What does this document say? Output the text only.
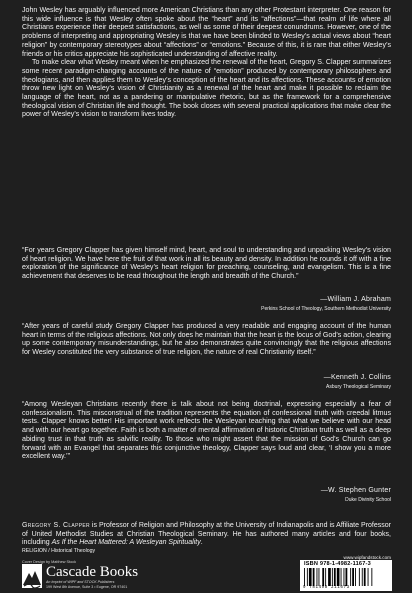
John Wesley has arguably influenced more American Christians than any other Protestant interpreter. One reason for this wide influence is that Wesley often spoke about the “heart” and its “affections”—that realm of life where all Christians experience their deepest satisfactions, as well as some of their deepest conundrums. However, one of the problems of interpreting and appropriating Wesley is that we have been blinded to Wesley’s actual views about “heart religion” by contemporary stereotypes about “affections” or “emotions.” Because of this, it is rare that either Wesley’s friends or his critics appreciate his sophisticated understanding of affective reality.

To make clear what Wesley meant when he emphasized the renewal of the heart, Gregory S. Clapper summarizes some recent paradigm-changing accounts of the nature of “emotion” produced by contemporary philosophers and theologians, and then applies them to Wesley’s conception of the heart and its affections. These accounts of emotion throw new light on Wesley’s vision of Christianity as a renewal of the heart and make it possible to reclaim the language of the heart, not as a pandering or manipulative rhetoric, but as the framework for a comprehensive theological vision of Christian life and thought. The book closes with several practical applications that make clear the power of Wesley’s vision to transform lives today.

“For years Gregory Clapper has given himself mind, heart, and soul to understanding and unpacking Wesley’s vision of heart religion. We have here the fruit of that work in all its beauty and density. In addition he rounds it off with a fine exploration of the significance of Wesley’s heart religion for preaching, counseling, and evangelism. This is a fine achievement that deserves to be read throughout the length and breadth of the Church.”
—William J. Abraham
Perkins School of Theology, Southern Methodist University
“After years of careful study Gregory Clapper has produced a very readable and engaging account of the human heart in terms of the religious affections. Not only does he maintain that the heart is the locus of God’s action, clearing up some contemporary misunderstandings, but he also demonstrates quite convincingly that the religious affections for Wesley constituted the very substance of true religion, the nature of real Christianity itself.”
—Kenneth J. Collins
Asbury Theological Seminary
“Among Wesleyan Christians recently there is talk about not being doctrinal, expressing especially a fear of confessionalism. This misconstrual of the tradition represents the equation of confessional truth with creedal litmus tests. Clapper knows better! His important work reflects the Wesleyan teaching that what we believe with our head and with our heart go together. Faith is both a matter of mental affirmation of historic Christian truth as well as a deep abiding trust in that truth as salvific reality. To those who might assert that the mission of God’s Church can go forward with an Evangel that separates this conjunctive theology, Clapper says loud and clear, ‘I show you a more excellent way.’”
—W. Stephen Gunter
Duke Divinity School
Gregory S. Clapper is Professor of Religion and Philosophy at the University of Indianapolis and is Affiliate Professor of United Methodist Studies at Christian Theological Seminary. He has authored many articles and four books, including As If the Heart Mattered: A Wesleyan Spirituality.
RELIGION / Historical Theology
Cover Design by Matthew Stock
Cascade Books
An Imprint of WIPF and STOCK Publishers
199 West 8th Avenue, Suite 3 • Eugene, OR 97401
www.wipfandstock.com
ISBN 978-1-4982-1167-3
9 781498 211673
